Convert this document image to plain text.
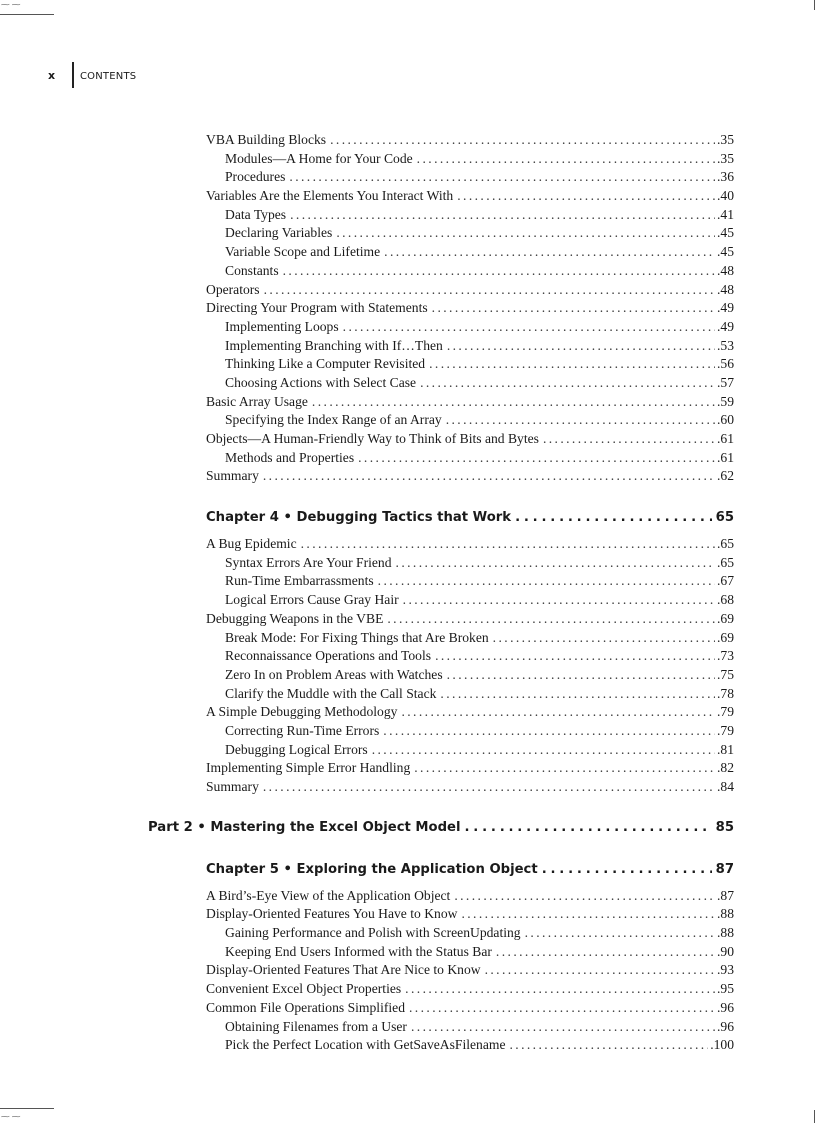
~~
~~
x	CONTENTS
VBA Building Blocks . . .	.35
Modules—A Home for Your Code . . .	.35
Procedures . . .	.36
Variables Are the Elements You Interact With . . .	.40
Data Types . . .	.41
Declaring Variables . . .	.45
Variable Scope and Lifetime . . .	.45
Constants . . .	.48
Operators . . .	.48
Directing Your Program with Statements . . .	.49
Implementing Loops . . .	.49
Implementing Branching with If…Then . . .	.53
Thinking Like a Computer Revisited . . .	.56
Choosing Actions with Select Case . . .	.57
Basic Array Usage . . .	.59
Specifying the Index Range of an Array . . .	.60
Objects—A Human-Friendly Way to Think of Bits and Bytes . . .	.61
Methods and Properties . . .	.61
Summary . . .	.62
Chapter 4 • Debugging Tactics that Work . . .	65
A Bug Epidemic . . .	.65
Syntax Errors Are Your Friend . . .	.65
Run-Time Embarrassments . . .	.67
Logical Errors Cause Gray Hair . . .	.68
Debugging Weapons in the VBE . . .	.69
Break Mode: For Fixing Things that Are Broken . . .	.69
Reconnaissance Operations and Tools . . .	.73
Zero In on Problem Areas with Watches . . .	.75
Clarify the Muddle with the Call Stack . . .	.78
A Simple Debugging Methodology . . .	.79
Correcting Run-Time Errors . . .	.79
Debugging Logical Errors . . .	.81
Implementing Simple Error Handling . . .	.82
Summary . . .	.84
Part 2 • Mastering the Excel Object Model . . .	85
Chapter 5 • Exploring the Application Object . . .	87
A Bird’s-Eye View of the Application Object . . .	.87
Display-Oriented Features You Have to Know . . .	.88
Gaining Performance and Polish with ScreenUpdating . . .	.88
Keeping End Users Informed with the Status Bar . . .	.90
Display-Oriented Features That Are Nice to Know . . .	.93
Convenient Excel Object Properties . . .	.95
Common File Operations Simplified . . .	.96
Obtaining Filenames from a User . . .	.96
Pick the Perfect Location with GetSaveAsFilename . . .	.100
